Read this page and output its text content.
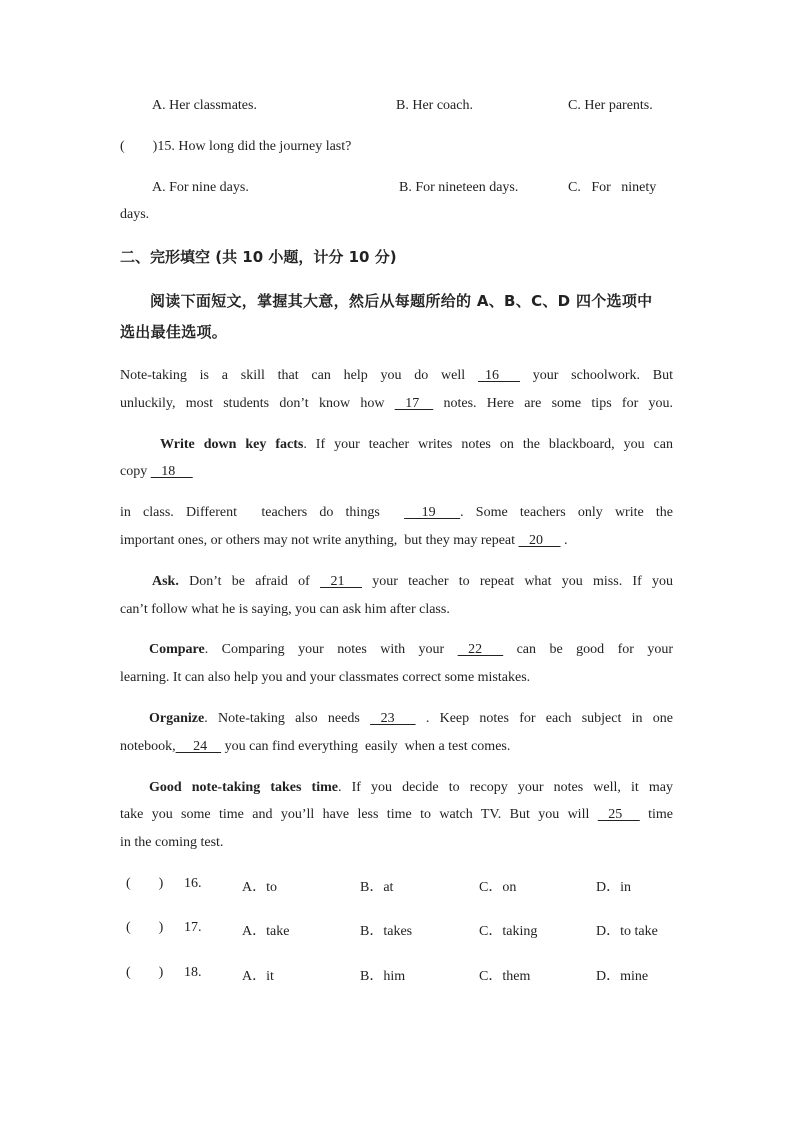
A. Her classmates.	B. Her coach.	C. Her parents.
(        )15. How long did the journey last?
A. For nine days.	B. For nineteen days.	C.   For   ninety
days.
二、完形填空 (共 10 小题，计分 10 分)
阅读下面短文，掌握其大意，然后从每题所给的 A、B、C、D 四个选项中
选出最佳选项。
Note-taking is a skill that can help you do well   16       your schoolwork. But
unluckily, most students don’t know how    17     notes. Here are some tips for you.
Write down key facts. If your teacher writes notes on the blackboard, you can
copy    18
in class. Different  teachers do things       19       . Some teachers only write the
important ones, or others may not write anything,  but they may repeat    20      .
Ask. Don’t be afraid of    21      your teacher to repeat what you miss. If you
can’t follow what he is saying, you can ask him after class.
Compare. Comparing your notes with your    22       can be good for your
learning. It can also help you and your classmates correct some mistakes.
Organize. Note-taking also needs    23       . Keep notes for each subject in one
notebook,     24     you can find everything  easily  when a test comes.
Good note-taking takes time. If you decide to recopy your notes well, it may
take you some time and you’ll have less time to watch TV. But you will    25      time
in the coming test.
(        ) 16.	A．to	B．at	C．on	D．in
(        ) 17.	A．take	B．takes	C．taking	D．to take
(        ) 18.	A．it	B．him	C．them	D．mine
